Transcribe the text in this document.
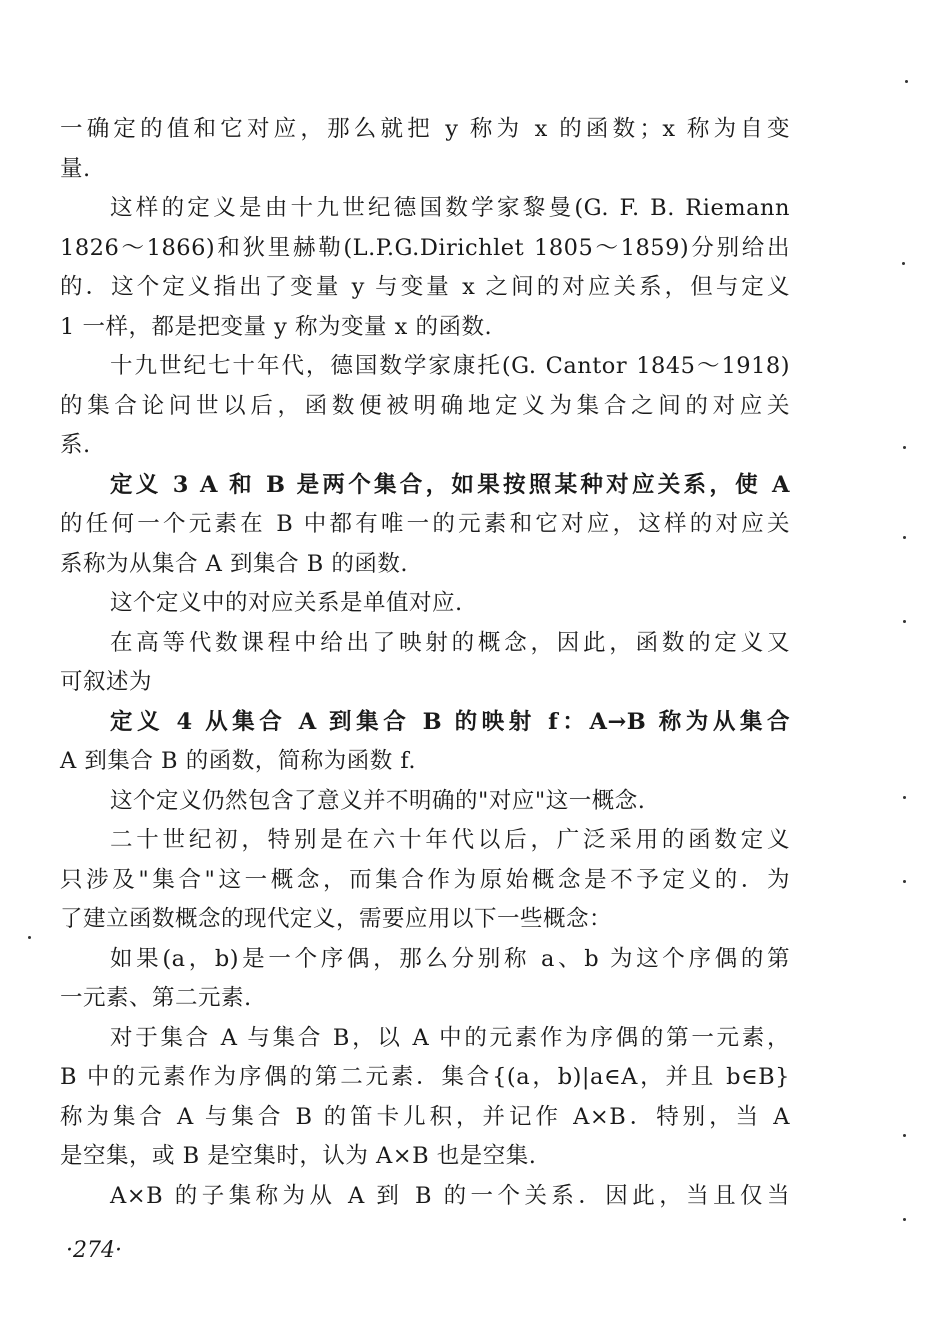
一确定的值和它对应，那么就把 y 称为 x 的函数；x 称为自变
量.
这样的定义是由十九世纪德国数学家黎曼(G. F. B. Riemann
1826～1866)和狄里赫勒(L.P.G.Dirichlet 1805～1859)分别给出
的．这个定义指出了变量 y 与变量 x 之间的对应关系，但与定义
1 一样，都是把变量 y 称为变量 x 的函数.
十九世纪七十年代，德国数学家康托(G. Cantor 1845～1918)
的集合论问世以后，函数便被明确地定义为集合之间的对应关
系.
定义 3 A 和 B 是两个集合，如果按照某种对应关系，使 A
的任何一个元素在 B 中都有唯一的元素和它对应，这样的对应关
系称为从集合 A 到集合 B 的函数.
这个定义中的对应关系是单值对应.
在高等代数课程中给出了映射的概念，因此，函数的定义又
可叙述为
定义 4 从集合 A 到集合 B 的映射 f：A→B 称为从集合
A 到集合 B 的函数，简称为函数 f.
这个定义仍然包含了意义并不明确的"对应"这一概念.
二十世纪初，特别是在六十年代以后，广泛采用的函数定义
只涉及"集合"这一概念，而集合作为原始概念是不予定义的．为
了建立函数概念的现代定义，需要应用以下一些概念：
如果(a，b)是一个序偶，那么分别称 a、b 为这个序偶的第
一元素、第二元素.
对于集合 A 与集合 B，以 A 中的元素作为序偶的第一元素，
B 中的元素作为序偶的第二元素．集合{(a，b)|a∈A，并且 b∈B}
称为集合 A 与集合 B 的笛卡儿积，并记作 A×B．特别，当 A
是空集，或 B 是空集时，认为 A×B 也是空集.
A×B 的子集称为从 A 到 B 的一个关系．因此，当且仅当
·274·
